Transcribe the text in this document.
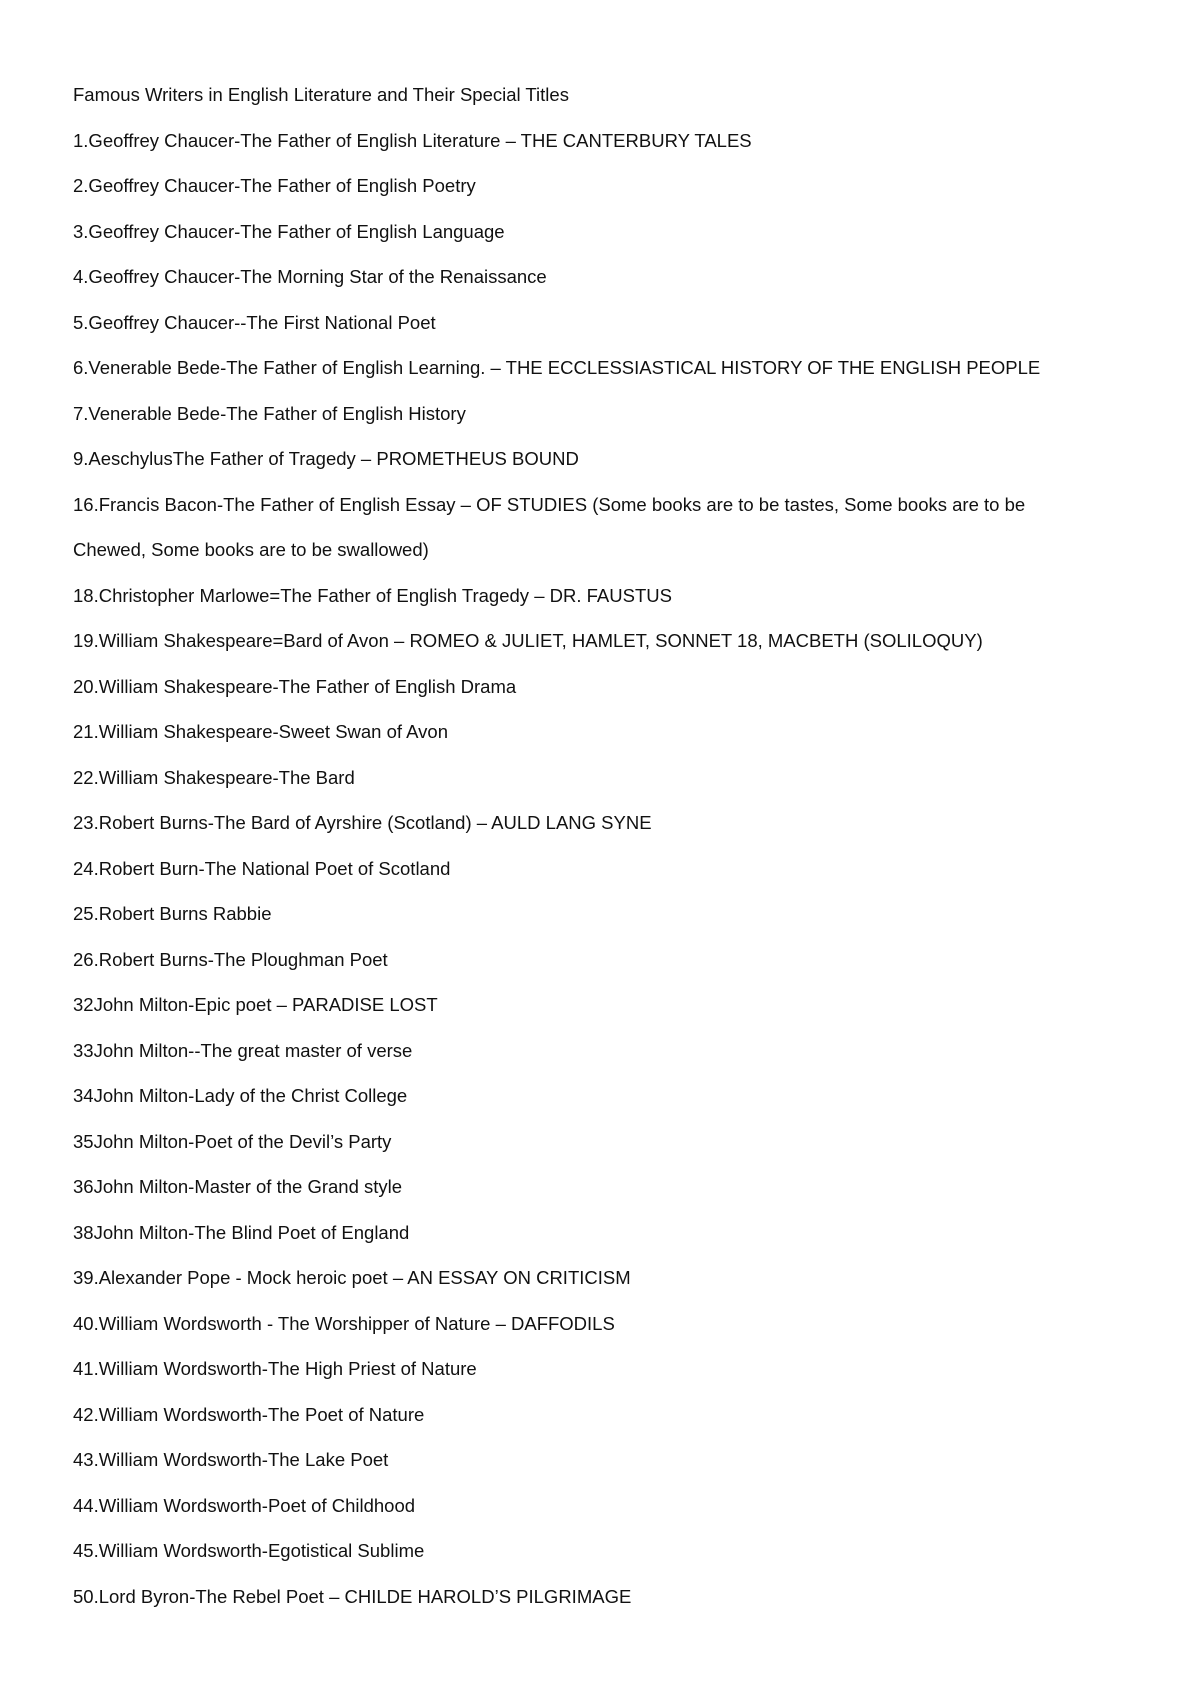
Famous Writers in English Literature and Their Special Titles

1.Geoffrey Chaucer-The Father of English Literature – THE CANTERBURY TALES

2.Geoffrey Chaucer-The Father of English Poetry

3.Geoffrey Chaucer-The Father of English Language

4.Geoffrey Chaucer-The Morning Star of the Renaissance

5.Geoffrey Chaucer--The First National Poet

6.Venerable Bede-The Father of English Learning. – THE ECCLESSIASTICAL HISTORY OF THE ENGLISH PEOPLE

7.Venerable Bede-The Father of English History

9.AeschylusThe Father of Tragedy – PROMETHEUS BOUND

16.Francis Bacon-The Father of English Essay – OF STUDIES (Some books are to be tastes, Some books are to be

Chewed, Some books are to be swallowed)

18.Christopher Marlowe=The Father of English Tragedy – DR. FAUSTUS

19.William Shakespeare=Bard of Avon – ROMEO & JULIET, HAMLET, SONNET 18, MACBETH (SOLILOQUY)

20.William Shakespeare-The Father of English Drama

21.William Shakespeare-Sweet Swan of Avon

22.William Shakespeare-The Bard

23.Robert Burns-The Bard of Ayrshire (Scotland) – AULD LANG SYNE

24.Robert Burn-The National Poet of Scotland

25.Robert Burns Rabbie

26.Robert Burns-The Ploughman Poet

32John Milton-Epic poet – PARADISE LOST

33John Milton--The great master of verse

34John Milton-Lady of the Christ College

35John Milton-Poet of the Devil’s Party

36John Milton-Master of the Grand style

38John Milton-The Blind Poet of England

39.Alexander Pope - Mock heroic poet – AN ESSAY ON CRITICISM

40.William Wordsworth - The Worshipper of Nature – DAFFODILS

41.William Wordsworth-The High Priest of Nature

42.William Wordsworth-The Poet of Nature

43.William Wordsworth-The Lake Poet

44.William Wordsworth-Poet of Childhood

45.William Wordsworth-Egotistical Sublime

50.Lord Byron-The Rebel Poet – CHILDE HAROLD’S PILGRIMAGE
